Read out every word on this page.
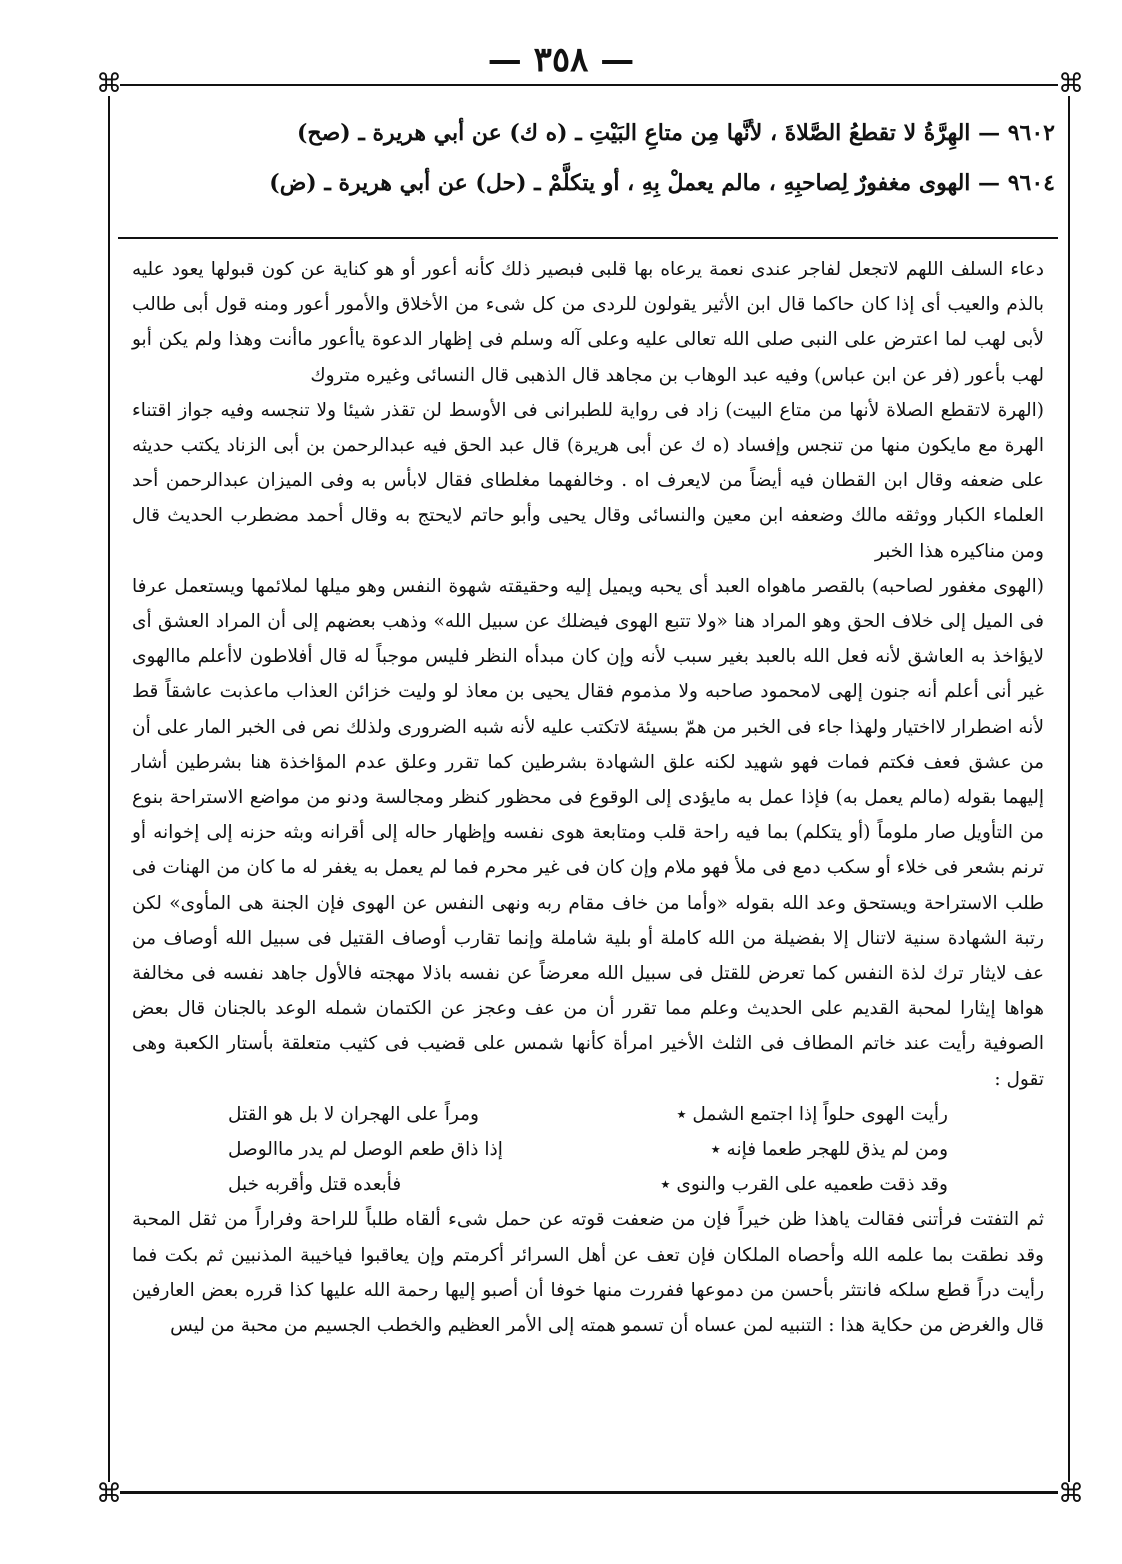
— ٣٥٨ —
⌘	⌘
⌘	⌘
٩٦٠٢ — الهِرَّةُ لا تقطعُ الصَّلاةَ ، لأنَّها مِن متاعِ البَيْتِ ـ (ه ك) عن أبي هريرة ـ (صح)
٩٦٠٤ — الهوى مغفورٌ لِصاحبِهِ ، مالم يعملْ بِهِ ، أو يتكلَّمْ ـ (حل) عن أبي هريرة ـ (ض)

دعاء السلف اللهم لاتجعل لفاجر عندى نعمة يرعاه بها قلبى فبصير ذلك كأنه أعور أو هو كناية عن كون قبولها يعود عليه بالذم والعيب أى إذا كان حاكما قال ابن الأثير يقولون للردى من كل شىء من الأخلاق والأمور أعور ومنه قول أبى طالب لأبى لهب لما اعترض على النبى صلى الله تعالى عليه وعلى آله وسلم فى إظهار الدعوة ياأعور ماأنت وهذا ولم يكن أبو لهب بأعور (فر عن ابن عباس) وفيه عبد الوهاب بن مجاهد قال الذهبى قال النسائى وغيره متروك

(الهرة لاتقطع الصلاة لأنها من متاع البيت) زاد فى رواية للطبرانى فى الأوسط لن تقذر شيئا ولا تنجسه وفيه جواز اقتناء الهرة مع مايكون منها من تنجس وإفساد (ه ك عن أبى هريرة) قال عبد الحق فيه عبدالرحمن بن أبى الزناد يكتب حديثه على ضعفه وقال ابن القطان فيه أيضاً من لايعرف اه . وخالفهما مغلطاى فقال لابأس به وفى الميزان عبدالرحمن أحد العلماء الكبار ووثقه مالك وضعفه ابن معين والنسائى وقال يحيى وأبو حاتم لايحتج به وقال أحمد مضطرب الحديث قال ومن مناكيره هذا الخبر

(الهوى مغفور لصاحبه) بالقصر ماهواه العبد أى يحبه ويميل إليه وحقيقته شهوة النفس وهو ميلها لملائمها ويستعمل عرفا فى الميل إلى خلاف الحق وهو المراد هنا «ولا تتبع الهوى فيضلك عن سبيل الله» وذهب بعضهم إلى أن المراد العشق أى لايؤاخذ به العاشق لأنه فعل الله بالعبد بغير سبب لأنه وإن كان مبدأه النظر فليس موجباً له قال أفلاطون لاأعلم ماالهوى غير أنى أعلم أنه جنون إلهى لامحمود صاحبه ولا مذموم فقال يحيى بن معاذ لو وليت خزائن العذاب ماعذبت عاشقاً قط لأنه اضطرار لااختيار ولهذا جاء فى الخبر من همّ بسيئة لاتكتب عليه لأنه شبه الضرورى ولذلك نص فى الخبر المار على أن من عشق فعف فكتم فمات فهو شهيد لكنه علق الشهادة بشرطين كما تقرر وعلق عدم المؤاخذة هنا بشرطين أشار إليهما بقوله (مالم يعمل به) فإذا عمل به مايؤدى إلى الوقوع فى محظور كنظر ومجالسة ودنو من مواضع الاستراحة بنوع من التأويل صار ملوماً (أو يتكلم) بما فيه راحة قلب ومتابعة هوى نفسه وإظهار حاله إلى أقرانه وبثه حزنه إلى إخوانه أو ترنم بشعر فى خلاء أو سكب دمع فى ملأ فهو ملام وإن كان فى غير محرم فما لم يعمل به يغفر له ما كان من الهنات فى طلب الاستراحة ويستحق وعد الله بقوله «وأما من خاف مقام ربه ونهى النفس عن الهوى فإن الجنة هى المأوى» لكن رتبة الشهادة سنية لاتنال إلا بفضيلة من الله كاملة أو بلية شاملة وإنما تقارب أوصاف القتيل فى سبيل الله أوصاف من عف لايثار ترك لذة النفس كما تعرض للقتل فى سبيل الله معرضاً عن نفسه باذلا مهجته فالأول جاهد نفسه فى مخالفة هواها إيثارا لمحبة القديم على الحديث وعلم مما تقرر أن من عف وعجز عن الكتمان شمله الوعد بالجنان قال بعض الصوفية رأيت عند خاتم المطاف فى الثلث الأخير امرأة كأنها شمس على قضيب فى كثيب متعلقة بأستار الكعبة وهى تقول :

رأيت الهوى حلواً إذا اجتمع الشمل ٭
ومراً على الهجران لا بل هو القتل
ومن لم يذق للهجر طعما فإنه ٭
إذا ذاق طعم الوصل لم يدر ماالوصل
وقد ذقت طعميه على القرب والنوى ٭
فأبعده قتل وأقربه خبل

ثم التفتت فرأتنى فقالت ياهذا ظن خيراً فإن من ضعفت قوته عن حمل شىء ألقاه طلباً للراحة وفراراً من ثقل المحبة وقد نطقت بما علمه الله وأحصاه الملكان فإن تعف عن أهل السرائر أكرمتم وإن يعاقبوا فياخيبة المذنبين ثم بكت فما رأيت دراً قطع سلكه فانتثر بأحسن من دموعها ففررت منها خوفا أن أصبو إليها رحمة الله عليها كذا قرره بعض العارفين قال والغرض من حكاية هذا : التنبيه لمن عساه أن تسمو همته إلى الأمر العظيم والخطب الجسيم من محبة من ليس
